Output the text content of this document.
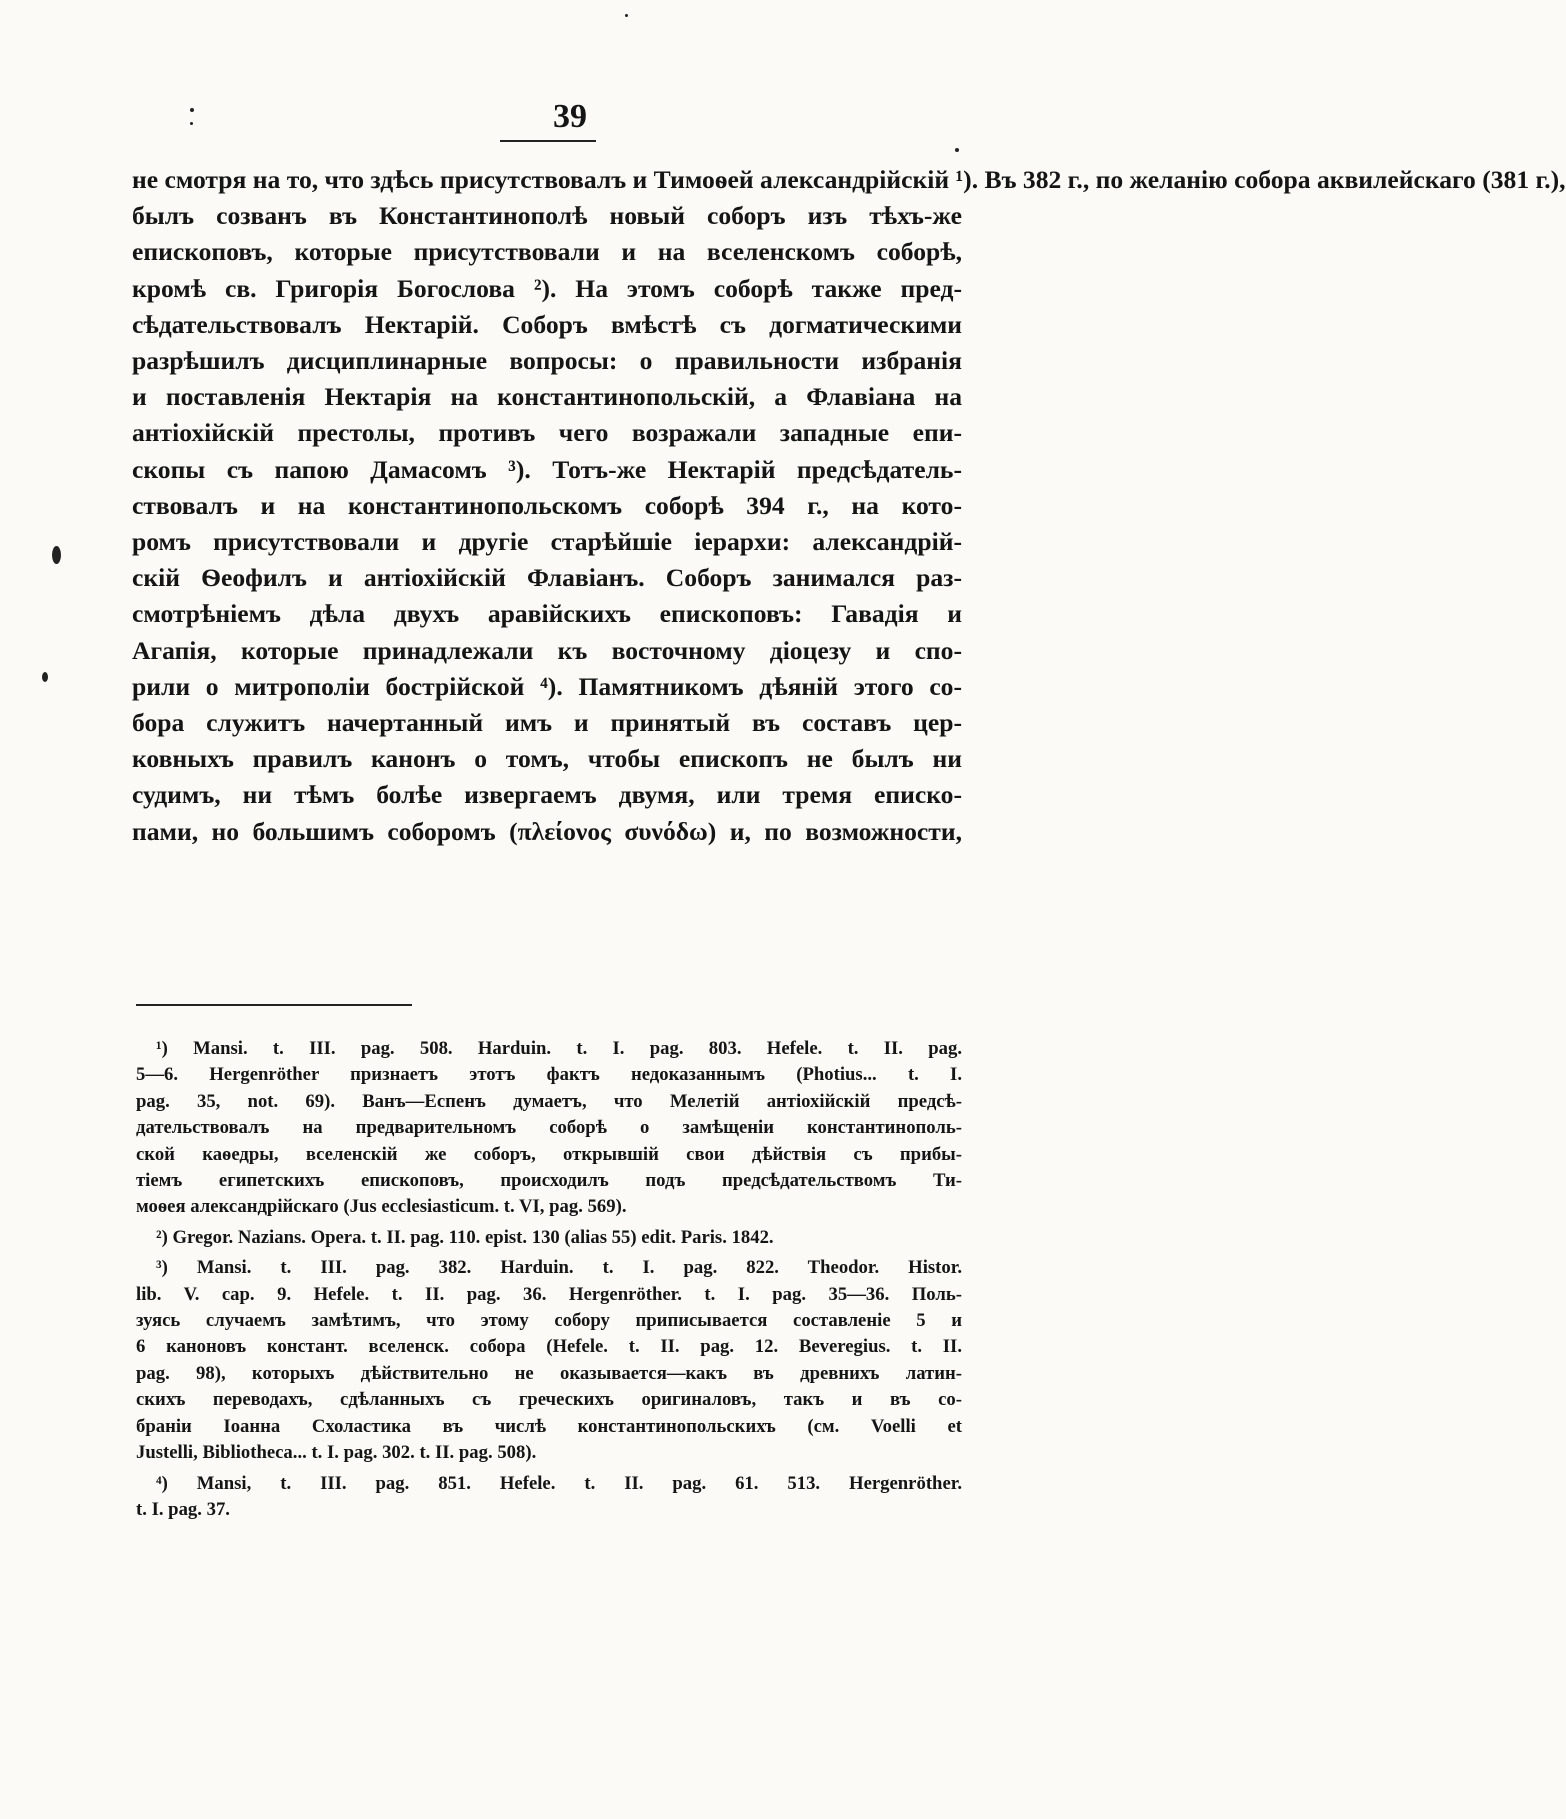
39
не смотря на то, что здѣсь присутствовалъ и Тимоѳей александрійскій ¹). Въ 382 г., по желанію собора аквилейскаго (381 г.),
былъ созванъ въ Константинополѣ новый соборъ изъ тѣхъ-же
епископовъ, которые присутствовали и на вселенскомъ соборѣ,
кромѣ св. Григорія Богослова ²). На этомъ соборѣ также пред-
сѣдательствовалъ Нектарій. Соборъ вмѣстѣ съ догматическими
разрѣшилъ дисциплинарные вопросы: о правильности избранія
и поставленія Нектарія на константинопольскій, а Флавіана на
антіохійскій престолы, противъ чего возражали западные епи-
скопы съ папою Дамасомъ ³). Тотъ-же Нектарій предсѣдатель-
ствовалъ и на константинопольскомъ соборѣ 394 г., на кото-
ромъ присутствовали и другіе старѣйшіе іерархи: александрій-
скій Ѳеофилъ и антіохійскій Флавіанъ. Соборъ занимался раз-
смотрѣніемъ дѣла двухъ аравійскихъ епископовъ: Гавадія и
Агапія, которые принадлежали къ восточному діоцезу и спо-
рили о митрополіи бострійской ⁴). Памятникомъ дѣяній этого со-
бора служитъ начертанный имъ и принятый въ составъ цер-
ковныхъ правилъ канонъ о томъ, чтобы епископъ не былъ ни
судимъ, ни тѣмъ болѣе извергаемъ двумя, или тремя еписко-
пами, но большимъ соборомъ (πλείονος συνόδω) и, по возможности,
¹) Mansi. t. III. pag. 508. Harduin. t. I. pag. 803. Hefele. t. II. pag.
5—6. Hergenröther признаетъ этотъ фактъ недоказаннымъ (Photius... t. I.
pag. 35, not. 69). Ванъ—Еспенъ думаетъ, что Мелетій антіохійскій предсѣ-
дательствовалъ на предварительномъ соборѣ о замѣщеніи константинополь-
ской каѳедры, вселенскій же соборъ, открывшій свои дѣйствія съ прибы-
тіемъ египетскихъ епископовъ, происходилъ подъ предсѣдательствомъ Ти-
моѳея александрійскаго (Jus ecclesiasticum. t. VI, pag. 569).
²) Gregor. Nazians. Opera. t. II. pag. 110. epist. 130 (alias 55) edit. Paris. 1842.
³) Mansi. t. III. pag. 382. Harduin. t. I. pag. 822. Theodor. Histor.
lib. V. cap. 9. Hefele. t. II. pag. 36. Hergenröther. t. I. pag. 35—36. Поль-
зуясь случаемъ замѣтимъ, что этому собору приписывается составленіе 5 и
6 каноновъ констант. вселенск. собора (Hefele. t. II. pag. 12. Beveregius. t. II.
pag. 98), которыхъ дѣйствительно не оказывается—какъ въ древнихъ латин-
скихъ переводахъ, сдѣланныхъ съ греческихъ оригиналовъ, такъ и въ со-
браніи Іоанна Схоластика въ числѣ константинопольскихъ (см. Voelli et
Justelli, Bibliotheca... t. I. pag. 302. t. II. pag. 508).
⁴) Mansi, t. III. pag. 851. Hefele. t. II. pag. 61. 513. Hergenröther.
t. I. pag. 37.
